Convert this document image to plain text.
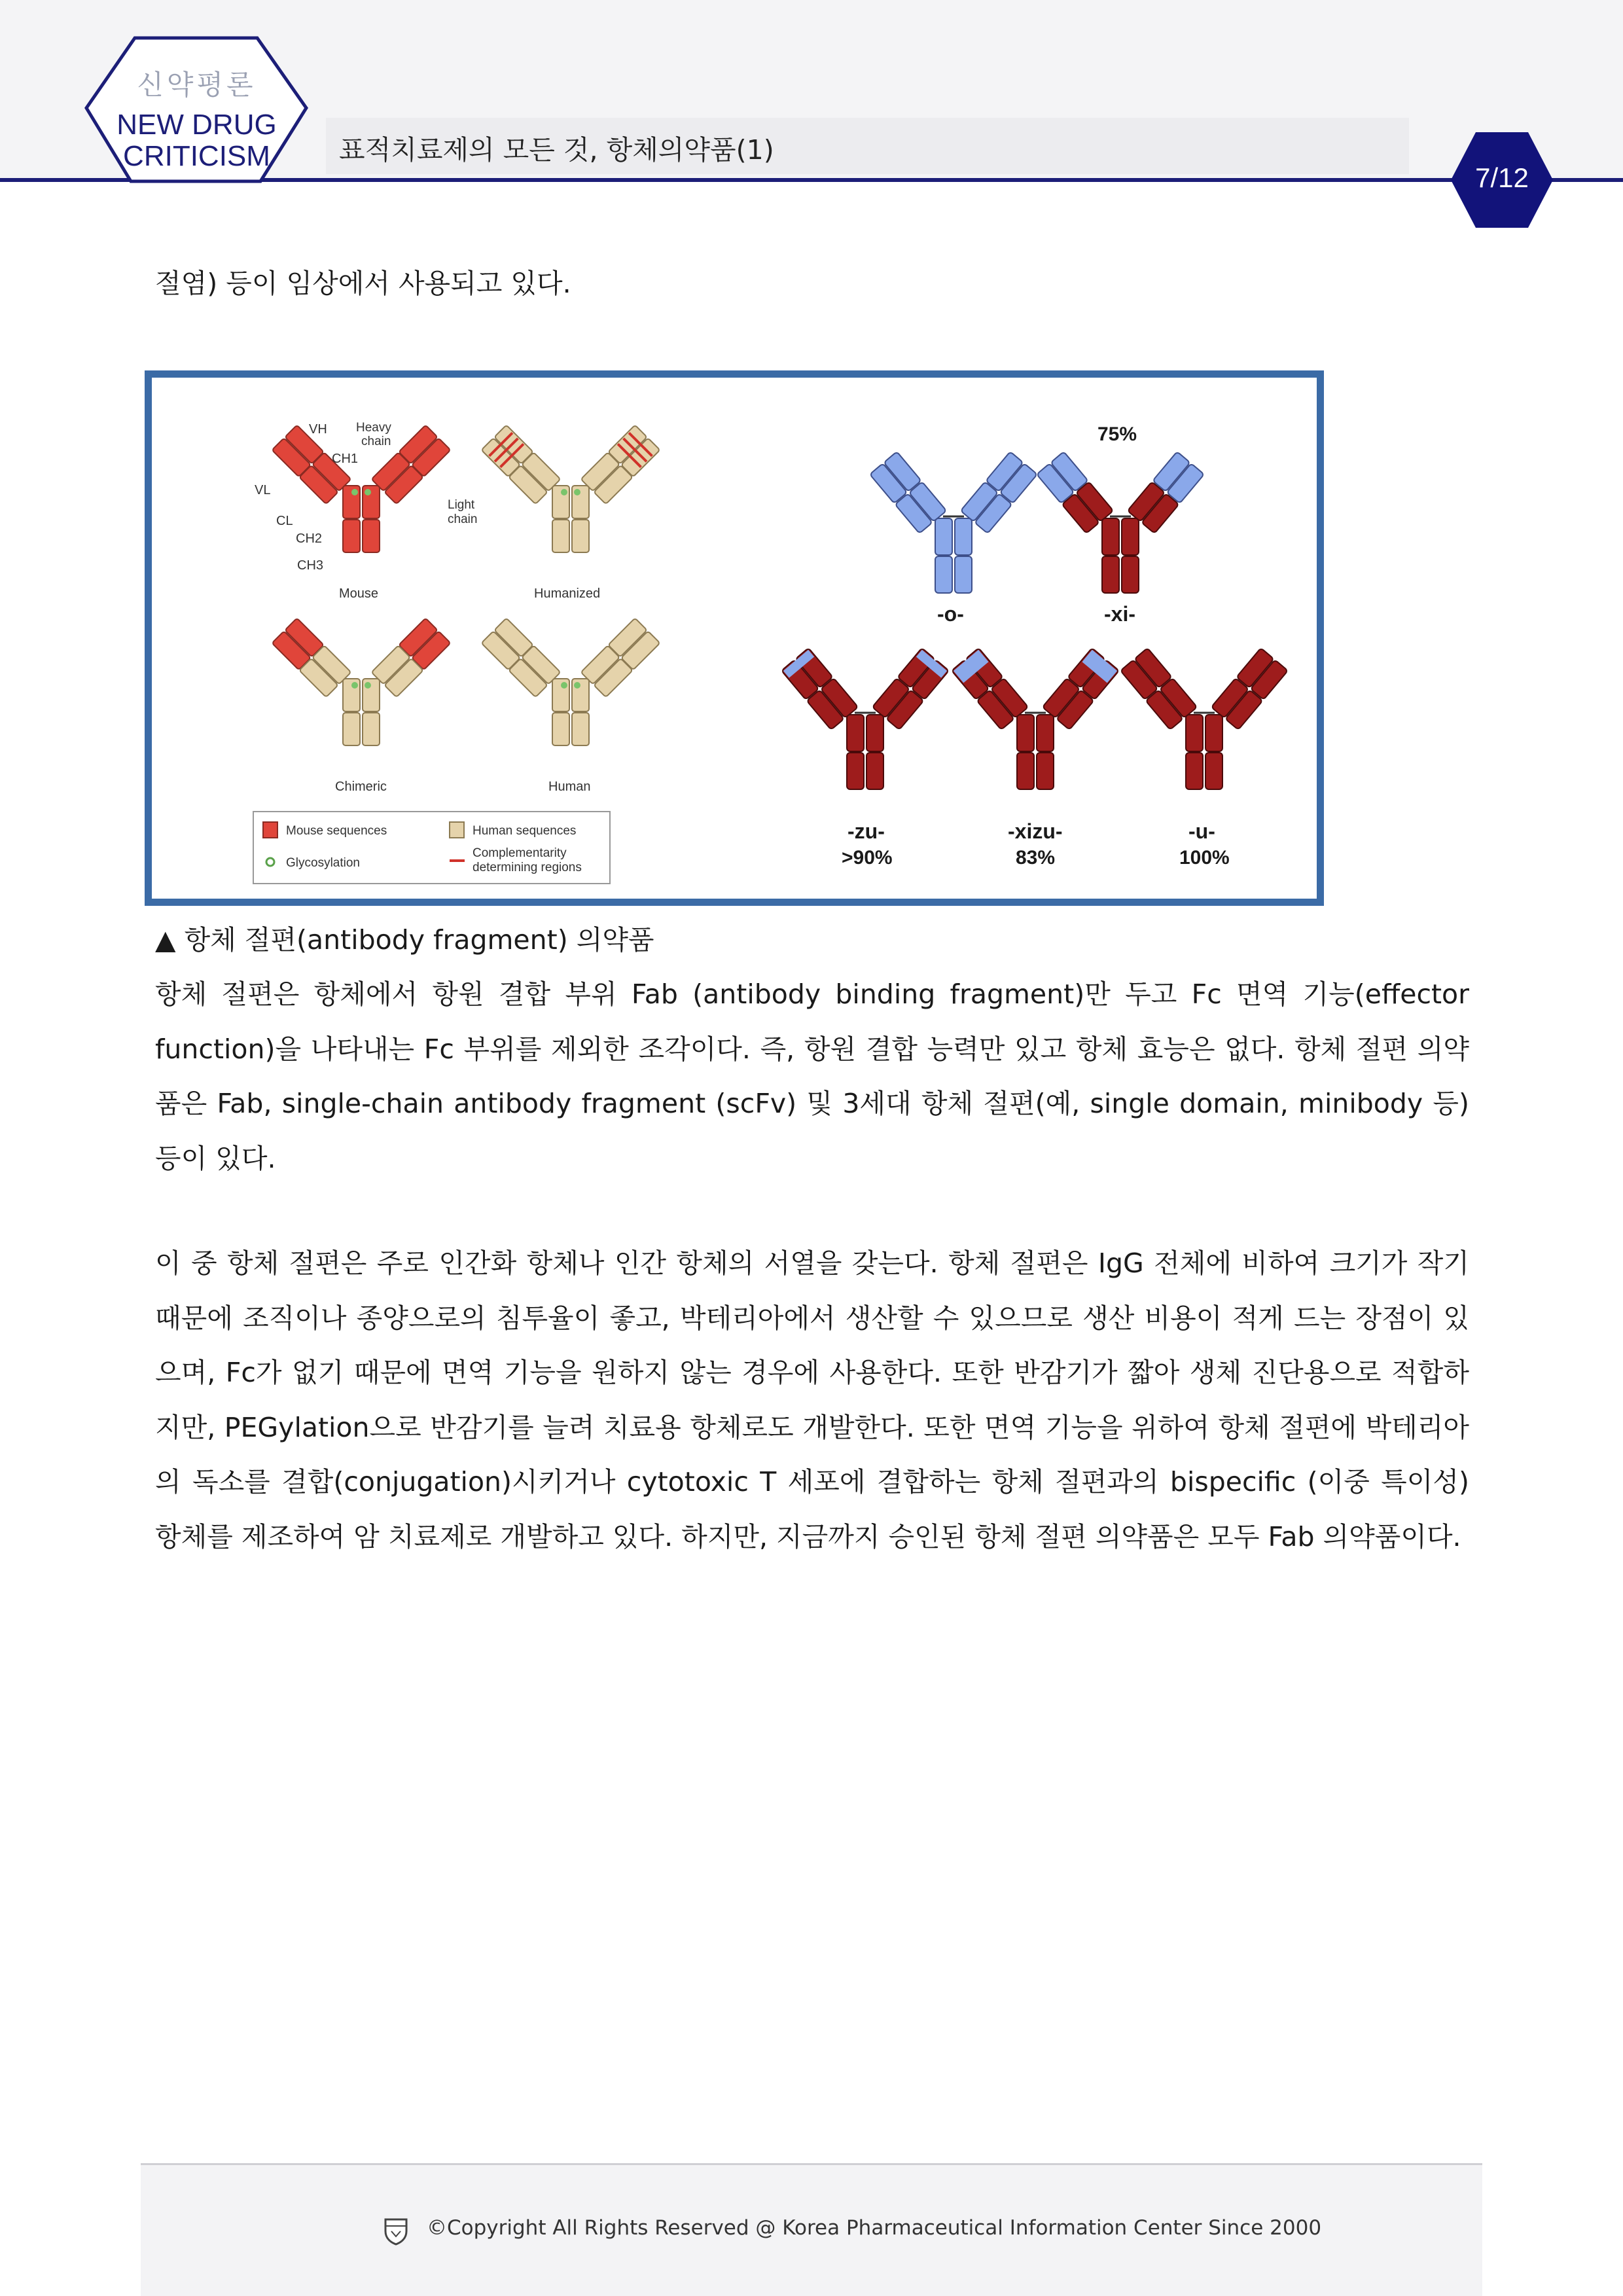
신약평론
NEW DRUG
CRITICISM	표적치료제의 모든 것, 항체의약품(1)
7/12
절염) 등이 임상에서 사용되고 있다.
VH Heavy
chain
CH1
VL
CL
CH2
CH3
Light
chain
Mouse	Humanized
Chimeric	Human
Mouse sequences	Human sequences
Glycosylation
Complementarity
determining regions
75%
-o-	-xi-
-zu-	-xizu-	-u-
>90%	83%	100%
▲ 항체 절편(antibody fragment) 의약품
항체 절편은 항체에서 항원 결합 부위 Fab (antibody binding fragment)만 두고 Fc 면역 기능(effector function)을 나타내는 Fc 부위를 제외한 조각이다. 즉, 항원 결합 능력만 있고 항체 효능은 없다. 항체 절편 의약품은 Fab, single-chain antibody fragment (scFv) 및 3세대 항체 절편(예, single domain, minibody 등) 등이 있다.
이 중 항체 절편은 주로 인간화 항체나 인간 항체의 서열을 갖는다. 항체 절편은 IgG 전체에 비하여 크기가 작기 때문에 조직이나 종양으로의 침투율이 좋고, 박테리아에서 생산할 수 있으므로 생산 비용이 적게 드는 장점이 있으며, Fc가 없기 때문에 면역 기능을 원하지 않는 경우에 사용한다. 또한 반감기가 짧아 생체 진단용으로 적합하지만, PEGylation으로 반감기를 늘려 치료용 항체로도 개발한다. 또한 면역 기능을 위하여 항체 절편에 박테리아의 독소를 결합(conjugation)시키거나 cytotoxic T 세포에 결합하는 항체 절편과의 bispecific (이중 특이성) 항체를 제조하여 암 치료제로 개발하고 있다. 하지만, 지금까지 승인된 항체 절편 의약품은 모두 Fab 의약품이다.
©Copyright All Rights Reserved @ Korea Pharmaceutical Information Center Since 2000
